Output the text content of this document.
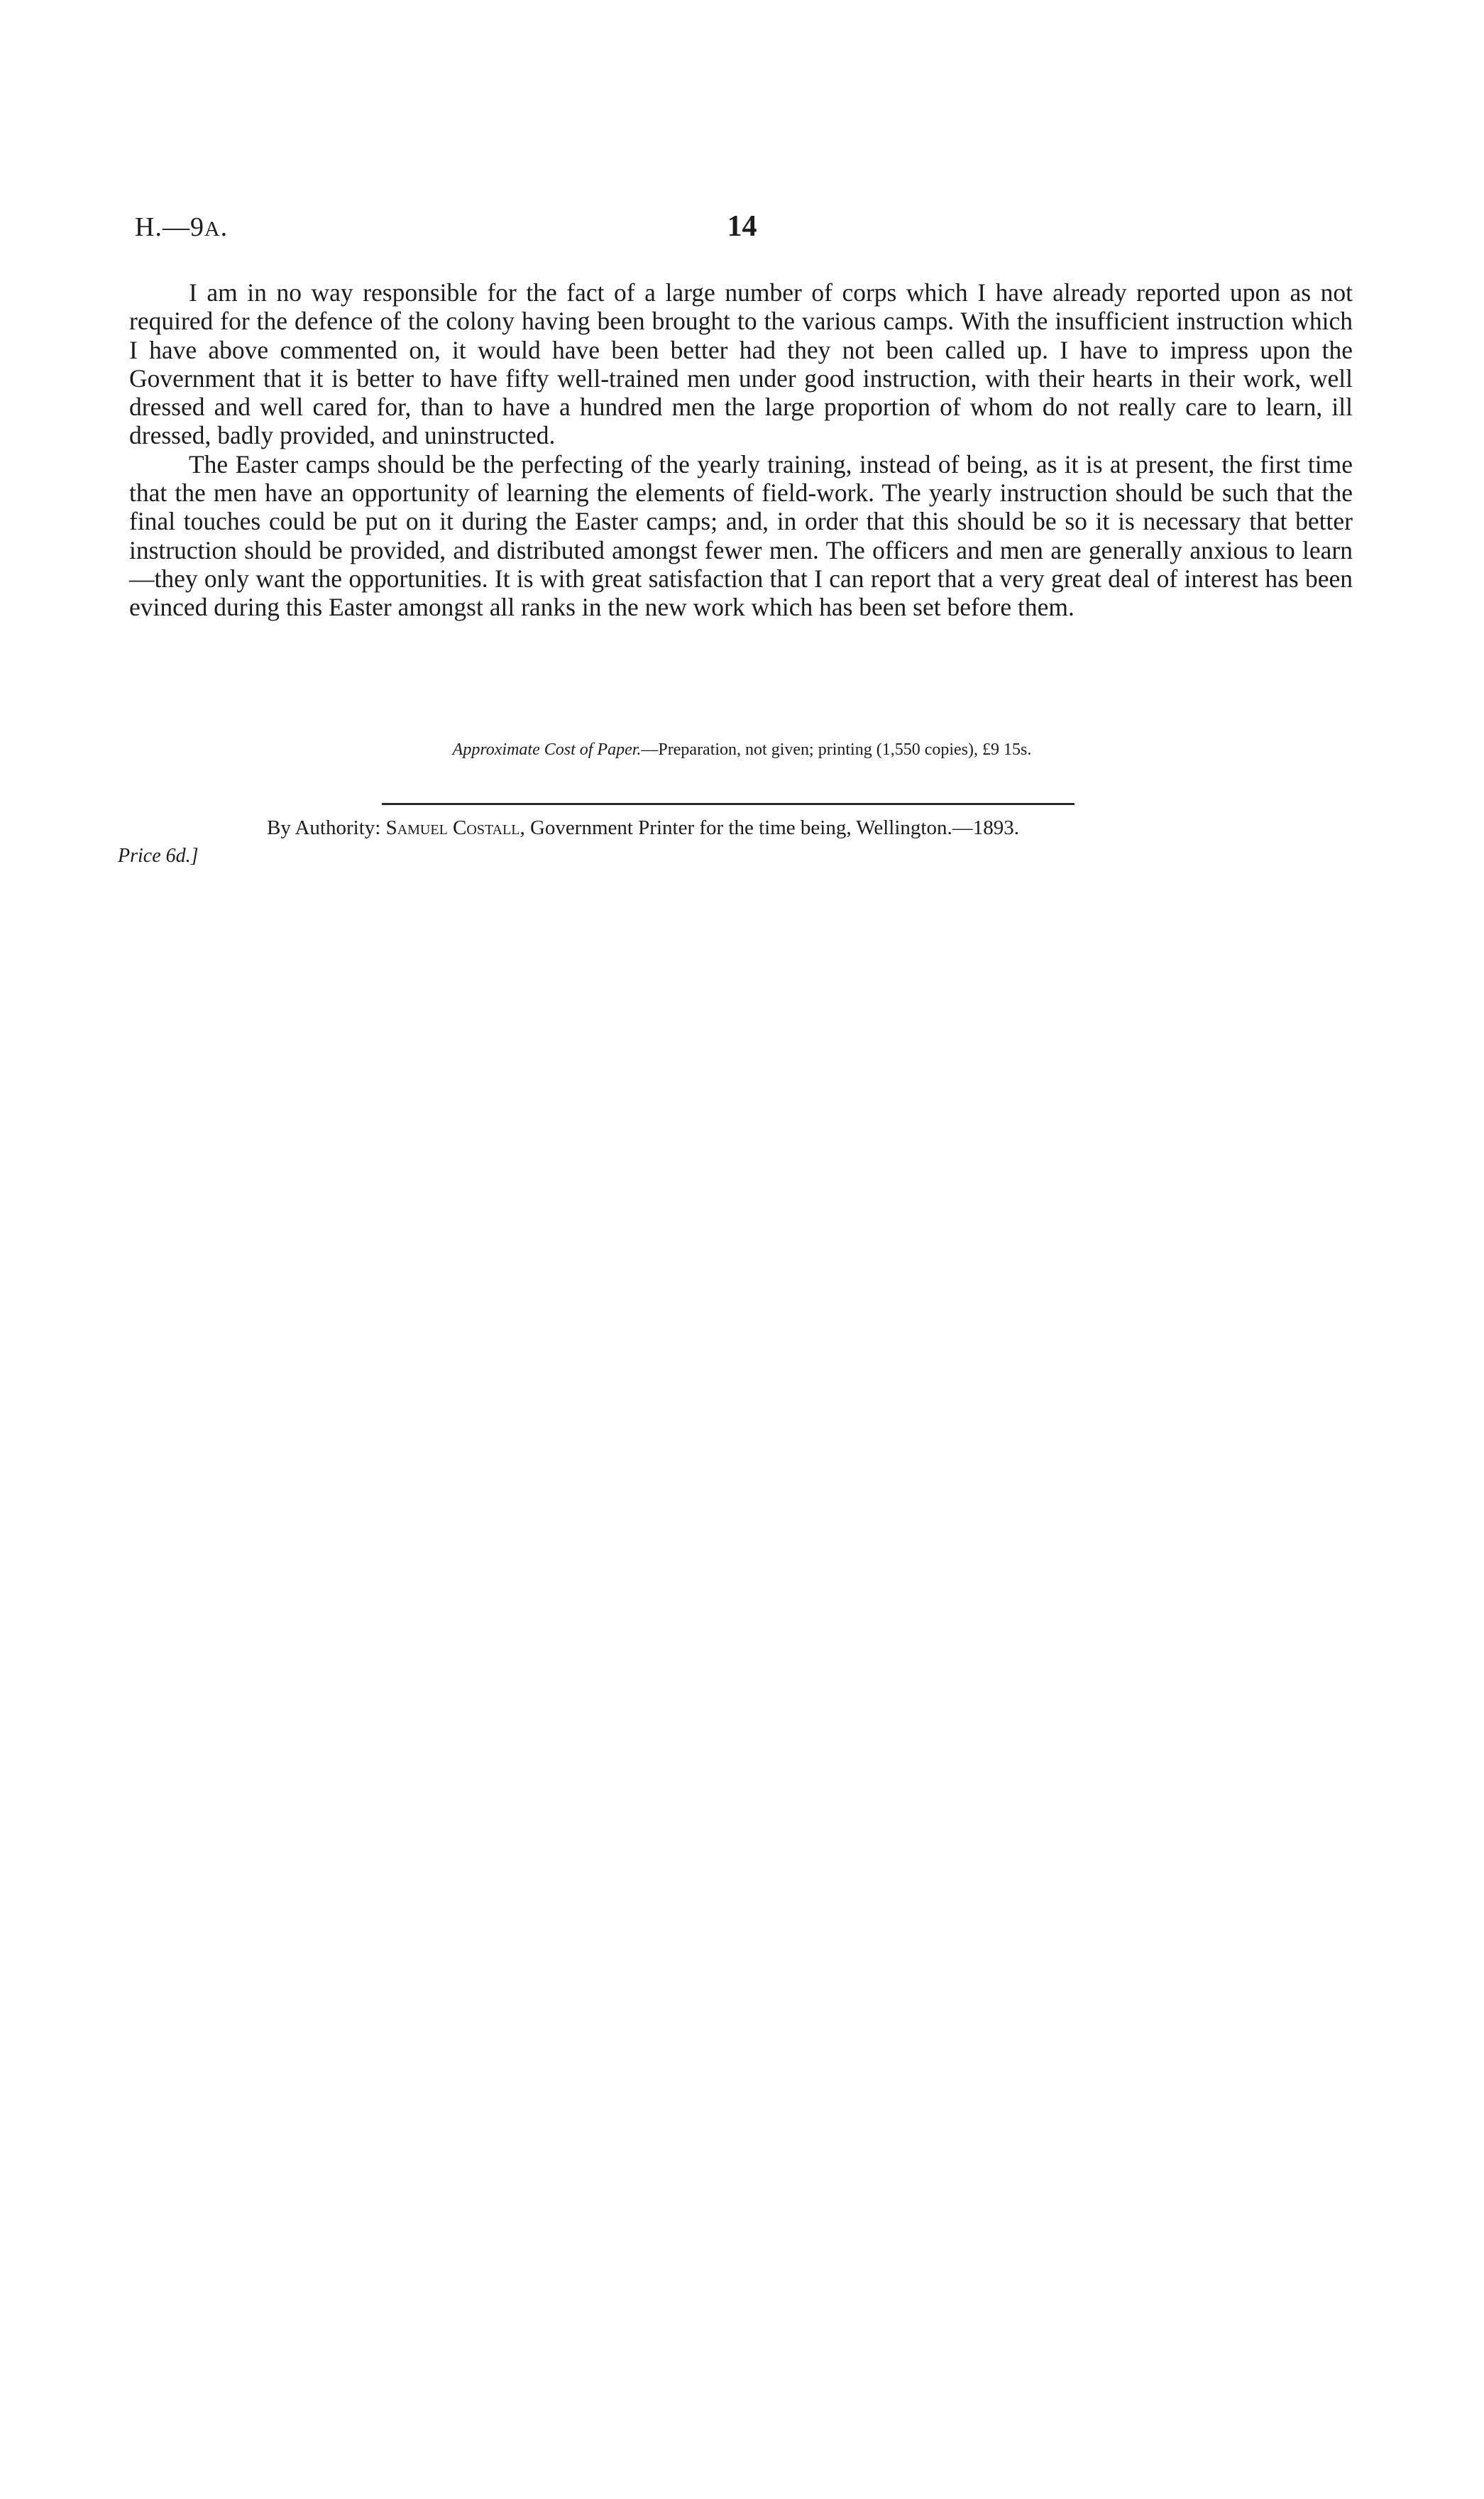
H.—9A.	14

I am in no way responsible for the fact of a large number of corps which I have already reported upon as not required for the defence of the colony having been brought to the various camps. With the insufficient instruction which I have above commented on, it would have been better had they not been called up. I have to impress upon the Government that it is better to have fifty well-trained men under good instruction, with their hearts in their work, well dressed and well cared for, than to have a hundred men the large proportion of whom do not really care to learn, ill dressed, badly provided, and uninstructed.

The Easter camps should be the perfecting of the yearly training, instead of being, as it is at present, the first time that the men have an opportunity of learning the elements of field-work. The yearly instruction should be such that the final touches could be put on it during the Easter camps; and, in order that this should be so it is necessary that better instruction should be provided, and distributed amongst fewer men. The officers and men are generally anxious to learn—they only want the opportunities. It is with great satisfaction that I can report that a very great deal of interest has been evinced during this Easter amongst all ranks in the new work which has been set before them.

Approximate Cost of Paper.—Preparation, not given; printing (1,550 copies), £9 15s.
By Authority: Samuel Costall, Government Printer for the time being, Wellington.—1893.
Price 6d.]
